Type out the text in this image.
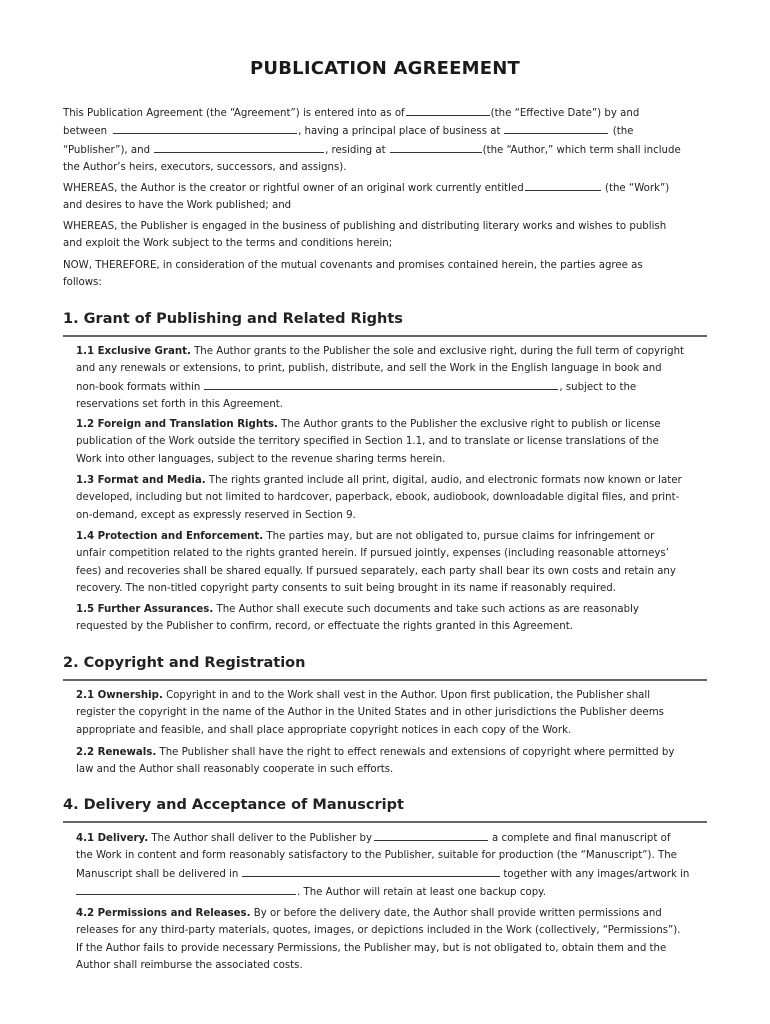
PUBLICATION AGREEMENT
This Publication Agreement (the “Agreement”) is entered into as of	(the “Effective Date”) by and
between	, having a principal place of business at	(the
“Publisher”), and	, residing at	(the “Author,” which term shall include
the Author’s heirs, executors, successors, and assigns).
WHEREAS, the Author is the creator or rightful owner of an original work currently entitled	(the “Work”)
and desires to have the Work published; and
WHEREAS, the Publisher is engaged in the business of publishing and distributing literary works and wishes to publish
and exploit the Work subject to the terms and conditions herein;
NOW, THEREFORE, in consideration of the mutual covenants and promises contained herein, the parties agree as
follows:
1. Grant of Publishing and Related Rights
1.1 Exclusive Grant. The Author grants to the Publisher the sole and exclusive right, during the full term of copyright
and any renewals or extensions, to print, publish, distribute, and sell the Work in the English language in book and
non-book formats within	, subject to the
reservations set forth in this Agreement.
1.2 Foreign and Translation Rights. The Author grants to the Publisher the exclusive right to publish or license
publication of the Work outside the territory specified in Section 1.1, and to translate or license translations of the
Work into other languages, subject to the revenue sharing terms herein.
1.3 Format and Media. The rights granted include all print, digital, audio, and electronic formats now known or later
developed, including but not limited to hardcover, paperback, ebook, audiobook, downloadable digital files, and print-
on-demand, except as expressly reserved in Section 9.
1.4 Protection and Enforcement. The parties may, but are not obligated to, pursue claims for infringement or
unfair competition related to the rights granted herein. If pursued jointly, expenses (including reasonable attorneys’
fees) and recoveries shall be shared equally. If pursued separately, each party shall bear its own costs and retain any
recovery. The non-titled copyright party consents to suit being brought in its name if reasonably required.
1.5 Further Assurances. The Author shall execute such documents and take such actions as are reasonably
requested by the Publisher to confirm, record, or effectuate the rights granted in this Agreement.
2. Copyright and Registration
2.1 Ownership. Copyright in and to the Work shall vest in the Author. Upon first publication, the Publisher shall
register the copyright in the name of the Author in the United States and in other jurisdictions the Publisher deems
appropriate and feasible, and shall place appropriate copyright notices in each copy of the Work.
2.2 Renewals. The Publisher shall have the right to effect renewals and extensions of copyright where permitted by
law and the Author shall reasonably cooperate in such efforts.
4. Delivery and Acceptance of Manuscript
4.1 Delivery. The Author shall deliver to the Publisher by	a complete and final manuscript of
the Work in content and form reasonably satisfactory to the Publisher, suitable for production (the “Manuscript”). The
Manuscript shall be delivered in	together with any images/artwork in
. The Author will retain at least one backup copy.
4.2 Permissions and Releases. By or before the delivery date, the Author shall provide written permissions and
releases for any third-party materials, quotes, images, or depictions included in the Work (collectively, “Permissions”).
If the Author fails to provide necessary Permissions, the Publisher may, but is not obligated to, obtain them and the
Author shall reimburse the associated costs.
